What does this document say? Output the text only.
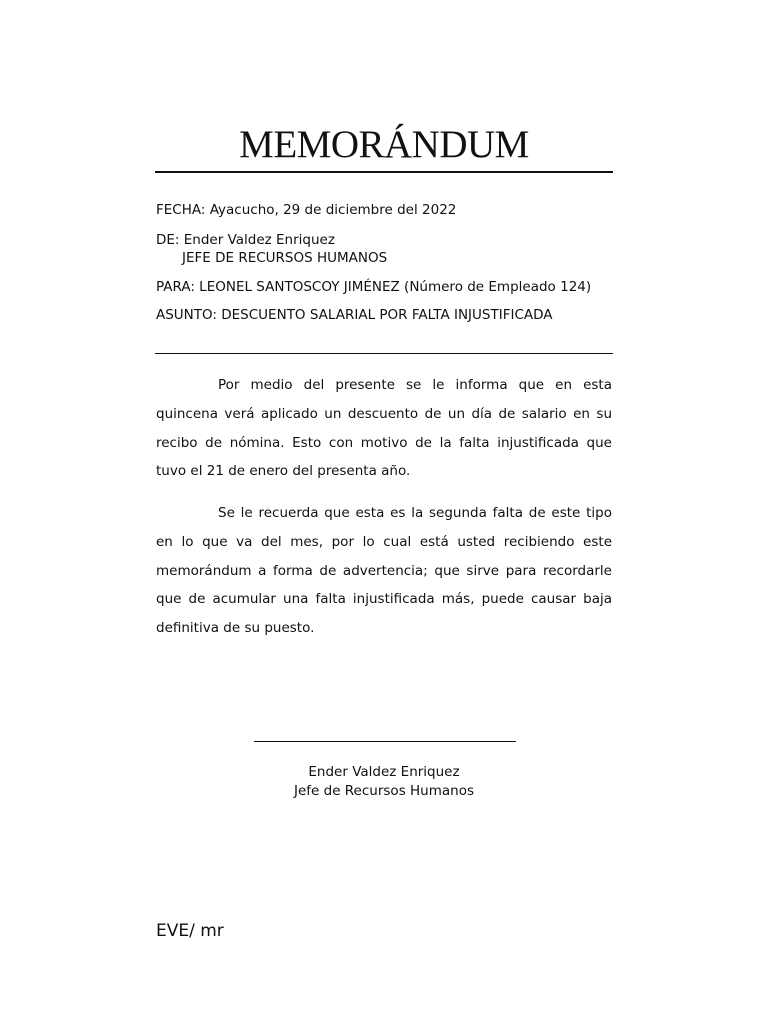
MEMORÁNDUM
FECHA: Ayacucho, 29 de diciembre del 2022
DE: Ender Valdez Enriquez
JEFE DE RECURSOS HUMANOS
PARA: LEONEL SANTOSCOY JIMÉNEZ (Número de Empleado 124)
ASUNTO: DESCUENTO SALARIAL POR FALTA INJUSTIFICADA

Por medio del presente se le informa que en esta quincena verá aplicado un descuento de un día de salario en su recibo de nómina. Esto con motivo de la falta injustificada que tuvo el 21 de enero del presenta año.

Se le recuerda que esta es la segunda falta de este tipo en lo que va del mes, por lo cual está usted recibiendo este memorándum a forma de advertencia; que sirve para recordarle que de acumular una falta injustificada más, puede causar baja definitiva de su puesto.

Ender Valdez Enriquez
Jefe de Recursos Humanos
EVE/ mr
